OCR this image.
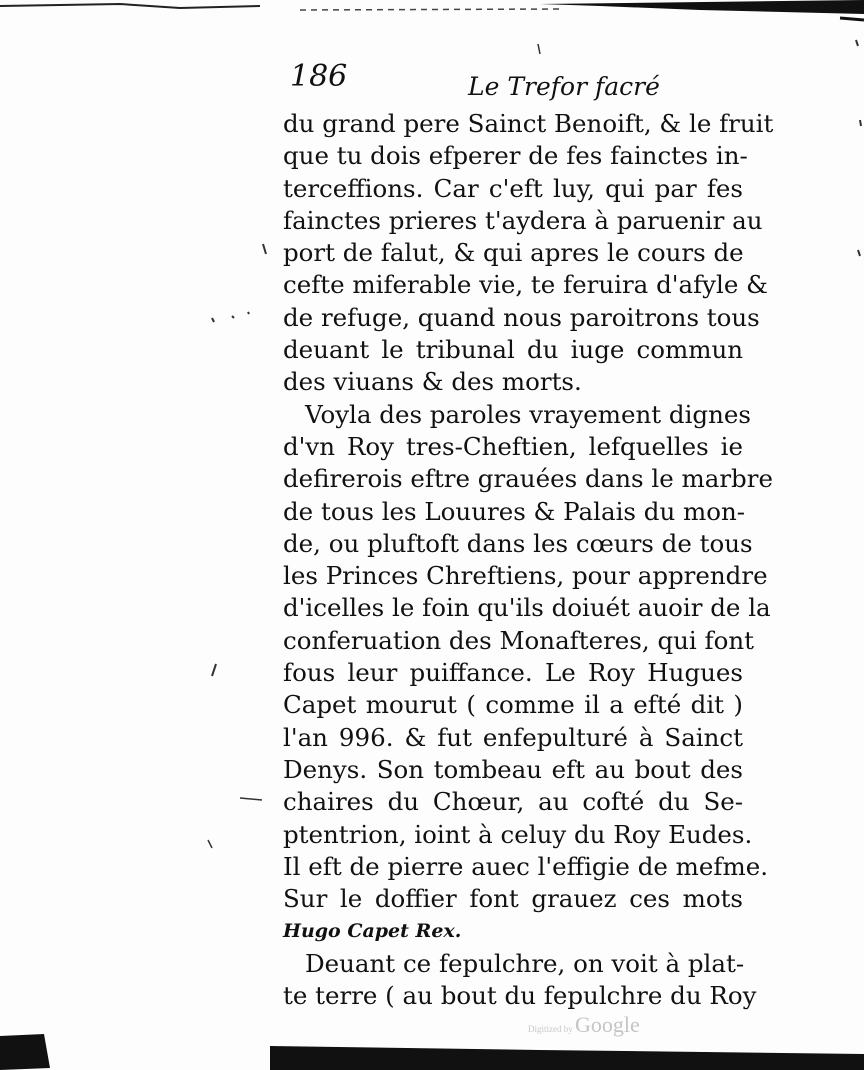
186	Le Trefor facré
du grand pere Sainct Benoift, & le fruit
que tu dois efperer de fes fainctes in-
terceffions. Car c'eft luy, qui par fes
fainctes prieres t'aydera à paruenir au
port de falut, & qui apres le cours de
cefte miferable vie, te feruira d'afyle &
de refuge, quand nous paroitrons tous
deuant le tribunal du iuge commun
des viuans & des morts.
Voyla des paroles vrayement dignes
d'vn Roy tres-Cheftien, lefquelles ie
defirerois eftre grauées dans le marbre
de tous les Louures & Palais du mon-
de, ou pluftoft dans les cœurs de tous
les Princes Chreftiens, pour apprendre
d'icelles le foin qu'ils doiuét auoir de la
conferuation des Monafteres, qui font
fous leur puiffance. Le Roy Hugues
Capet mourut ( comme il a efté dit )
l'an 996. & fut enfepulturé à Sainct
Denys. Son tombeau eft au bout des
chaires du Chœur, au cofté du Se-
ptentrion, ioint à celuy du Roy Eudes.
Il eft de pierre auec l'effigie de mefme.
Sur le doffier font grauez ces mots
Hugo Capet Rex.
Deuant ce fepulchre, on voit à plat-
te terre ( au bout du fepulchre du Roy
Digitized by Google
